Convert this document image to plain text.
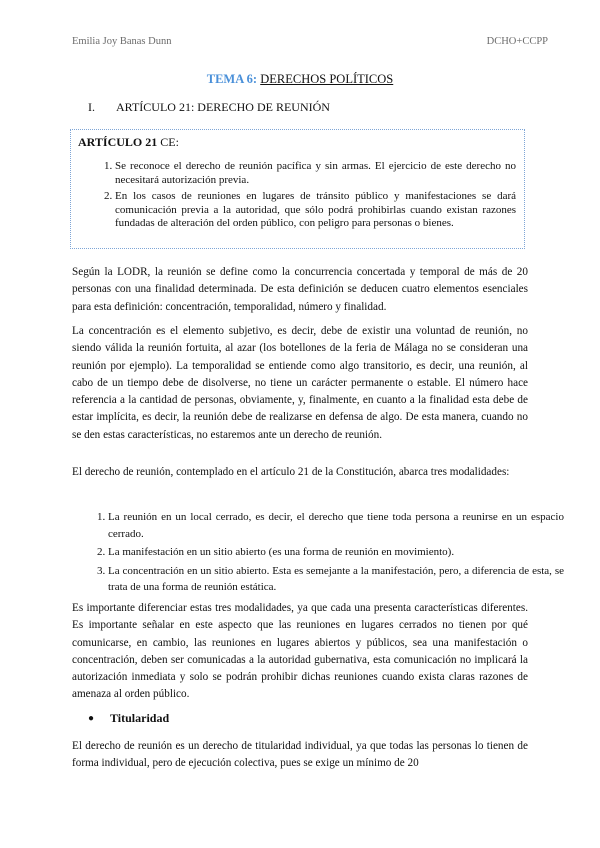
Emilia Joy Banas Dunn	DCHO+CCPP
TEMA 6: DERECHOS POLÍTICOS
I. ARTÍCULO 21: DERECHO DE REUNIÓN
ARTÍCULO 21 CE:
1. Se reconoce el derecho de reunión pacífica y sin armas. El ejercicio de este derecho no necesitará autorización previa.
2. En los casos de reuniones en lugares de tránsito público y manifestaciones se dará comunicación previa a la autoridad, que sólo podrá prohibirlas cuando existan razones fundadas de alteración del orden público, con peligro para personas o bienes.

Según la LODR, la reunión se define como la concurrencia concertada y temporal de más de 20 personas con una finalidad determinada. De esta definición se deducen cuatro elementos esenciales para esta definición: concentración, temporalidad, número y finalidad.

La concentración es el elemento subjetivo, es decir, debe de existir una voluntad de reunión, no siendo válida la reunión fortuita, al azar (los botellones de la feria de Málaga no se consideran una reunión por ejemplo). La temporalidad se entiende como algo transitorio, es decir, una reunión, al cabo de un tiempo debe de disolverse, no tiene un carácter permanente o estable. El número hace referencia a la cantidad de personas, obviamente, y, finalmente, en cuanto a la finalidad esta debe de estar implícita, es decir, la reunión debe de realizarse en defensa de algo. De esta manera, cuando no se den estas características, no estaremos ante un derecho de reunión.

El derecho de reunión, contemplado en el artículo 21 de la Constitución, abarca tres modalidades:

1. La reunión en un local cerrado, es decir, el derecho que tiene toda persona a reunirse en un espacio cerrado.
2. La manifestación en un sitio abierto (es una forma de reunión en movimiento).
3. La concentración en un sitio abierto. Esta es semejante a la manifestación, pero, a diferencia de esta, se trata de una forma de reunión estática.

Es importante diferenciar estas tres modalidades, ya que cada una presenta características diferentes. Es importante señalar en este aspecto que las reuniones en lugares cerrados no tienen por qué comunicarse, en cambio, las reuniones en lugares abiertos y públicos, sea una manifestación o concentración, deben ser comunicadas a la autoridad gubernativa, esta comunicación no implicará la autorización inmediata y solo se podrán prohibir dichas reuniones cuando exista claras razones de amenaza al orden público.

● Titularidad

El derecho de reunión es un derecho de titularidad individual, ya que todas las personas lo tienen de forma individual, pero de ejecución colectiva, pues se exige un mínimo de 20
